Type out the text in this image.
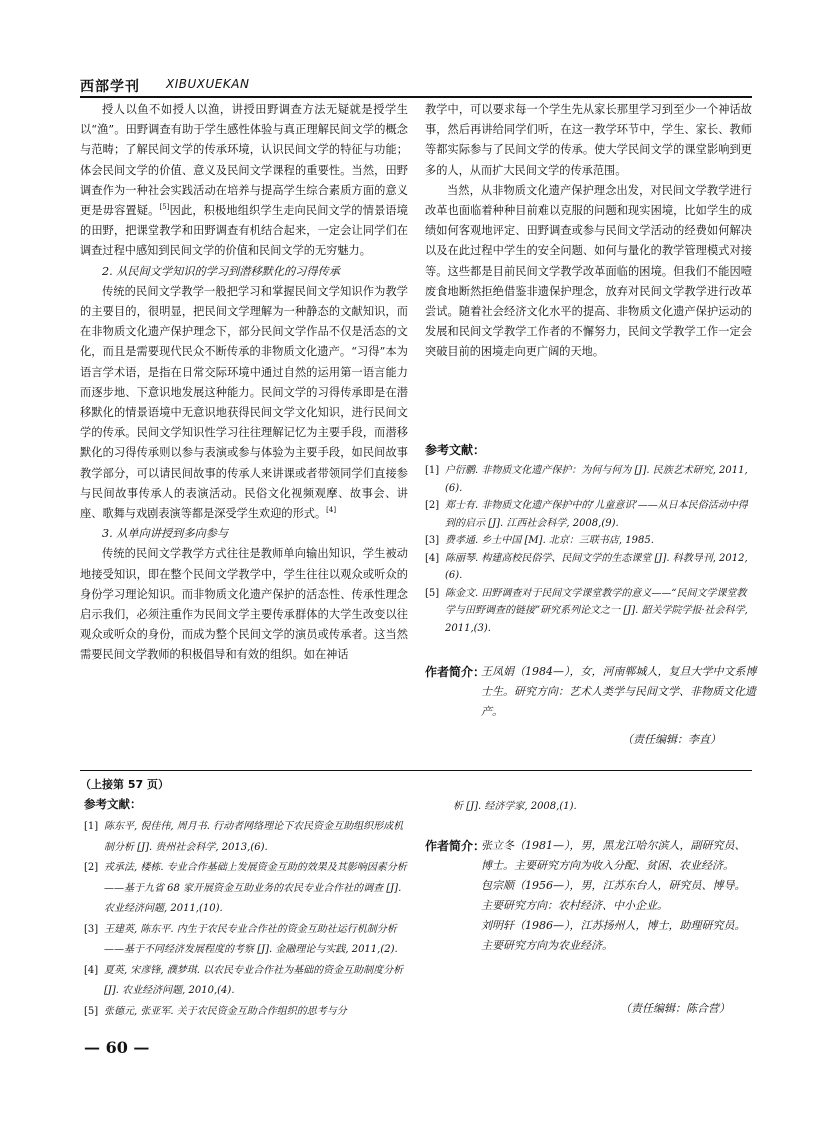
西部学刊 XIBUXUEKAN

授人以鱼不如授人以渔，讲授田野调查方法无疑就是授学生以“渔”。田野调查有助于学生感性体验与真正理解民间文学的概念与范畴；了解民间文学的传承环境，认识民间文学的特征与功能；体会民间文学的价值、意义及民间文学课程的重要性。当然，田野调查作为一种社会实践活动在培养与提高学生综合素质方面的意义更是毋容置疑。[5]因此，积极地组织学生走向民间文学的情景语境的田野，把课堂教学和田野调查有机结合起来，一定会让同学们在调查过程中感知到民间文学的价值和民间文学的无穷魅力。

2. 从民间文学知识的学习到潜移默化的习得传承

传统的民间文学教学一般把学习和掌握民间文学知识作为教学的主要目的，很明显，把民间文学理解为一种静态的文献知识，而在非物质文化遗产保护理念下，部分民间文学作品不仅是活态的文化，而且是需要现代民众不断传承的非物质文化遗产。“习得”本为语言学术语，是指在日常交际环境中通过自然的运用第一语言能力而逐步地、下意识地发展这种能力。民间文学的习得传承即是在潜移默化的情景语境中无意识地获得民间文学文化知识，进行民间文学的传承。民间文学知识性学习往往理解记忆为主要手段，而潜移默化的习得传承则以参与表演或参与体验为主要手段，如民间故事教学部分，可以请民间故事的传承人来讲课或者带领同学们直接参与民间故事传承人的表演活动。民俗文化视频观摩、故事会、讲座、歌舞与戏剧表演等都是深受学生欢迎的形式。[4]

3. 从单向讲授到多向参与

传统的民间文学教学方式往往是教师单向输出知识，学生被动地接受知识，即在整个民间文学教学中，学生往往以观众或听众的身份学习理论知识。而非物质文化遗产保护的活态性、传承性理念启示我们，必须注重作为民间文学主要传承群体的大学生改变以往观众或听众的身份，而成为整个民间文学的演员或传承者。这当然需要民间文学教师的积极倡导和有效的组织。如在神话

教学中，可以要求每一个学生先从家长那里学习到至少一个神话故事，然后再讲给同学们听，在这一教学环节中，学生、家长、教师等都实际参与了民间文学的传承。使大学民间文学的课堂影响到更多的人，从而扩大民间文学的传承范围。

当然，从非物质文化遗产保护理念出发，对民间文学教学进行改革也面临着种种目前难以克服的问题和现实困境，比如学生的成绩如何客观地评定、田野调查或参与民间文学活动的经费如何解决以及在此过程中学生的安全问题、如何与量化的教学管理模式对接等。这些都是目前民间文学教学改革面临的困境。但我们不能因噎废食地断然拒绝借鉴非遗保护理念，放弃对民间文学教学进行改革尝试。随着社会经济文化水平的提高、非物质文化遗产保护运动的发展和民间文学教学工作者的不懈努力，民间文学教学工作一定会突破目前的困境走向更广阔的天地。

参考文献：
[1] 户衍鹏. 非物质文化遗产保护：为何与何为 [J]. 民族艺术研究, 2011,(6).
[2] 郑士有. 非物质文化遗产保护中的‘儿童意识’——从日本民俗活动中得到的启示 [J]. 江西社会科学, 2008,(9).
[3] 费孝通. 乡土中国 [M]. 北京：三联书店, 1985.
[4] 陈丽琴. 构建高校民俗学、民间文学的生态课堂 [J]. 科教导刊, 2012,(6).
[5] 陈金文. 田野调查对于民间文学课堂教学的意义——“民间文学课堂教学与田野调查的链接”研究系列论文之一 [J]. 韶关学院学报·社会科学, 2011,(3).
作者简介：
王凤娟（1984—），女，河南郸城人，复旦大学中文系博士生。研究方向：艺术人类学与民间文学、非物质文化遗产。
（责任编辑：李直）
（上接第 57 页）
参考文献：
[1] 陈东平, 倪佳伟, 周月书. 行动者网络理论下农民资金互助组织形成机制分析 [J]. 贵州社会科学, 2013,(6).
[2] 戎承法, 楼栋. 专业合作基础上发展资金互助的效果及其影响因素分析——基于九省 68 家开展资金互助业务的农民专业合作社的调查 [J]. 农业经济问题, 2011,(10).
[3] 王建英, 陈东平. 内生于农民专业合作社的资金互助社运行机制分析——基于不同经济发展程度的考察 [J]. 金融理论与实践, 2011,(2).
[4] 夏英, 宋彦锋, 濮梦琪. 以农民专业合作社为基础的资金互助制度分析 [J]. 农业经济问题, 2010,(4).
[5] 张德元, 张亚军. 关于农民资金互助合作组织的思考与分
析 [J]. 经济学家, 2008,(1).
作者简介：
张立冬（1981—），男，黑龙江哈尔滨人，副研究员、博士。主要研究方向为收入分配、贫困、农业经济。
包宗顺（1956—），男，江苏东台人，研究员、博导。主要研究方向：农村经济、中小企业。
刘明轩（1986—），江苏扬州人，博士，助理研究员。主要研究方向为农业经济。
（责任编辑：陈合营）
— 60 —
